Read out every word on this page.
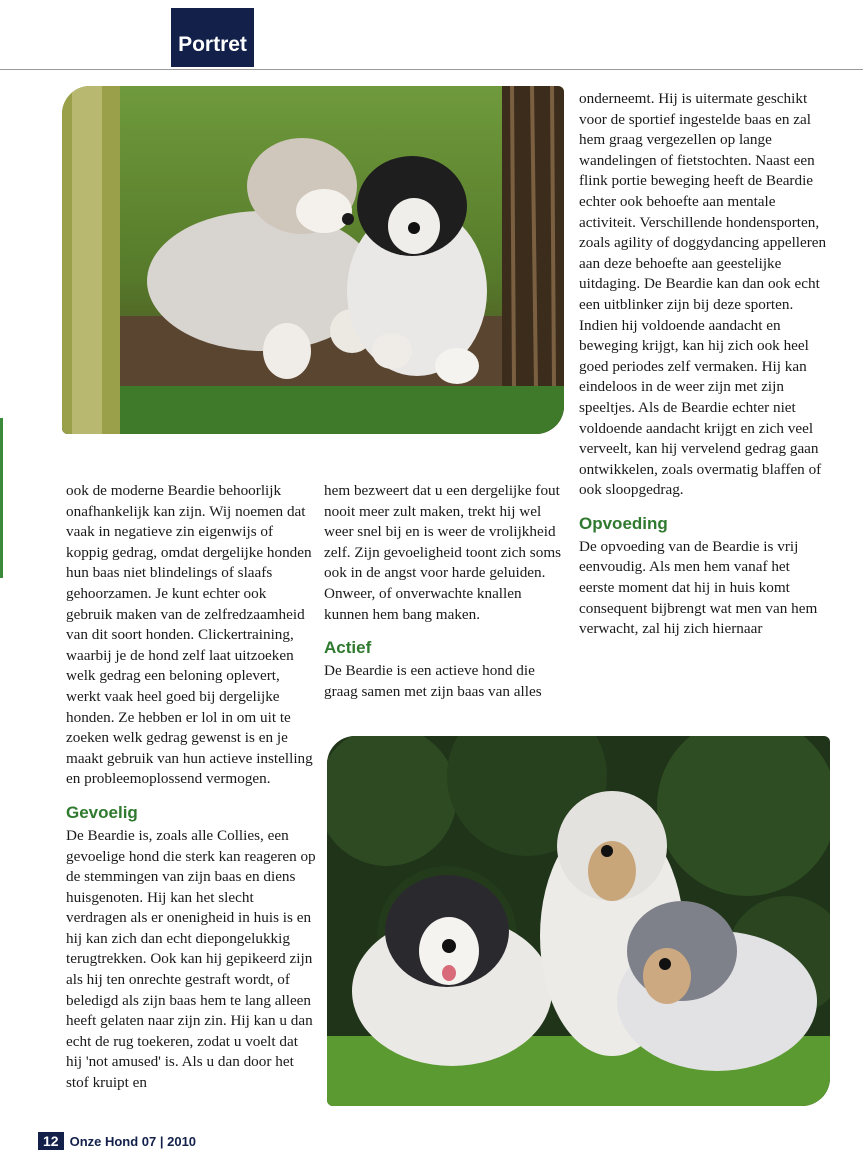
Portret

ook de moderne Beardie behoorlijk onafhankelijk kan zijn. Wij noemen dat vaak in negatieve zin eigenwijs of koppig gedrag, omdat dergelijke honden hun baas niet blindelings of slaafs gehoorzamen. Je kunt echter ook gebruik maken van de zelfredzaamheid van dit soort honden. Clickertraining, waarbij je de hond zelf laat uitzoeken welk gedrag een beloning oplevert, werkt vaak heel goed bij dergelijke honden. Ze hebben er lol in om uit te zoeken welk gedrag gewenst is en je maakt gebruik van hun actieve instelling en probleemoplossend vermogen.

Gevoelig

De Beardie is, zoals alle Collies, een gevoelige hond die sterk kan reageren op de stemmingen van zijn baas en diens huisgenoten. Hij kan het slecht verdragen als er onenigheid in huis is en hij kan zich dan echt diepongelukkig terugtrekken. Ook kan hij gepikeerd zijn als hij ten onrechte gestraft wordt, of beledigd als zijn baas hem te lang alleen heeft gelaten naar zijn zin. Hij kan u dan echt de rug toekeren, zodat u voelt dat hij 'not amused' is. Als u dan door het stof kruipt en

hem bezweert dat u een dergelijke fout nooit meer zult maken, trekt hij wel weer snel bij en is weer de vrolijkheid zelf. Zijn gevoeligheid toont zich soms ook in de angst voor harde geluiden. Onweer, of onverwachte knallen kunnen hem bang maken.

Actief

De Beardie is een actieve hond die graag samen met zijn baas van alles

onderneemt. Hij is uitermate geschikt voor de sportief ingestelde baas en zal hem graag vergezellen op lange wandelingen of fietstochten. Naast een flink portie beweging heeft de Beardie echter ook behoefte aan mentale activiteit. Verschillende hondensporten, zoals agility of doggydancing appelleren aan deze behoefte aan geestelijke uitdaging. De Beardie kan dan ook echt een uitblinker zijn bij deze sporten.

Indien hij voldoende aandacht en beweging krijgt, kan hij zich ook heel goed periodes zelf vermaken. Hij kan eindeloos in de weer zijn met zijn speeltjes. Als de Beardie echter niet voldoende aandacht krijgt en zich veel verveelt, kan hij vervelend gedrag gaan ontwikkelen, zoals overmatig blaffen of ook sloopgedrag.

Opvoeding

De opvoeding van de Beardie is vrij eenvoudig. Als men hem vanaf het eerste moment dat hij in huis komt consequent bijbrengt wat men van hem verwacht, zal hij zich hiernaar

12 Onze Hond 07 | 2010
